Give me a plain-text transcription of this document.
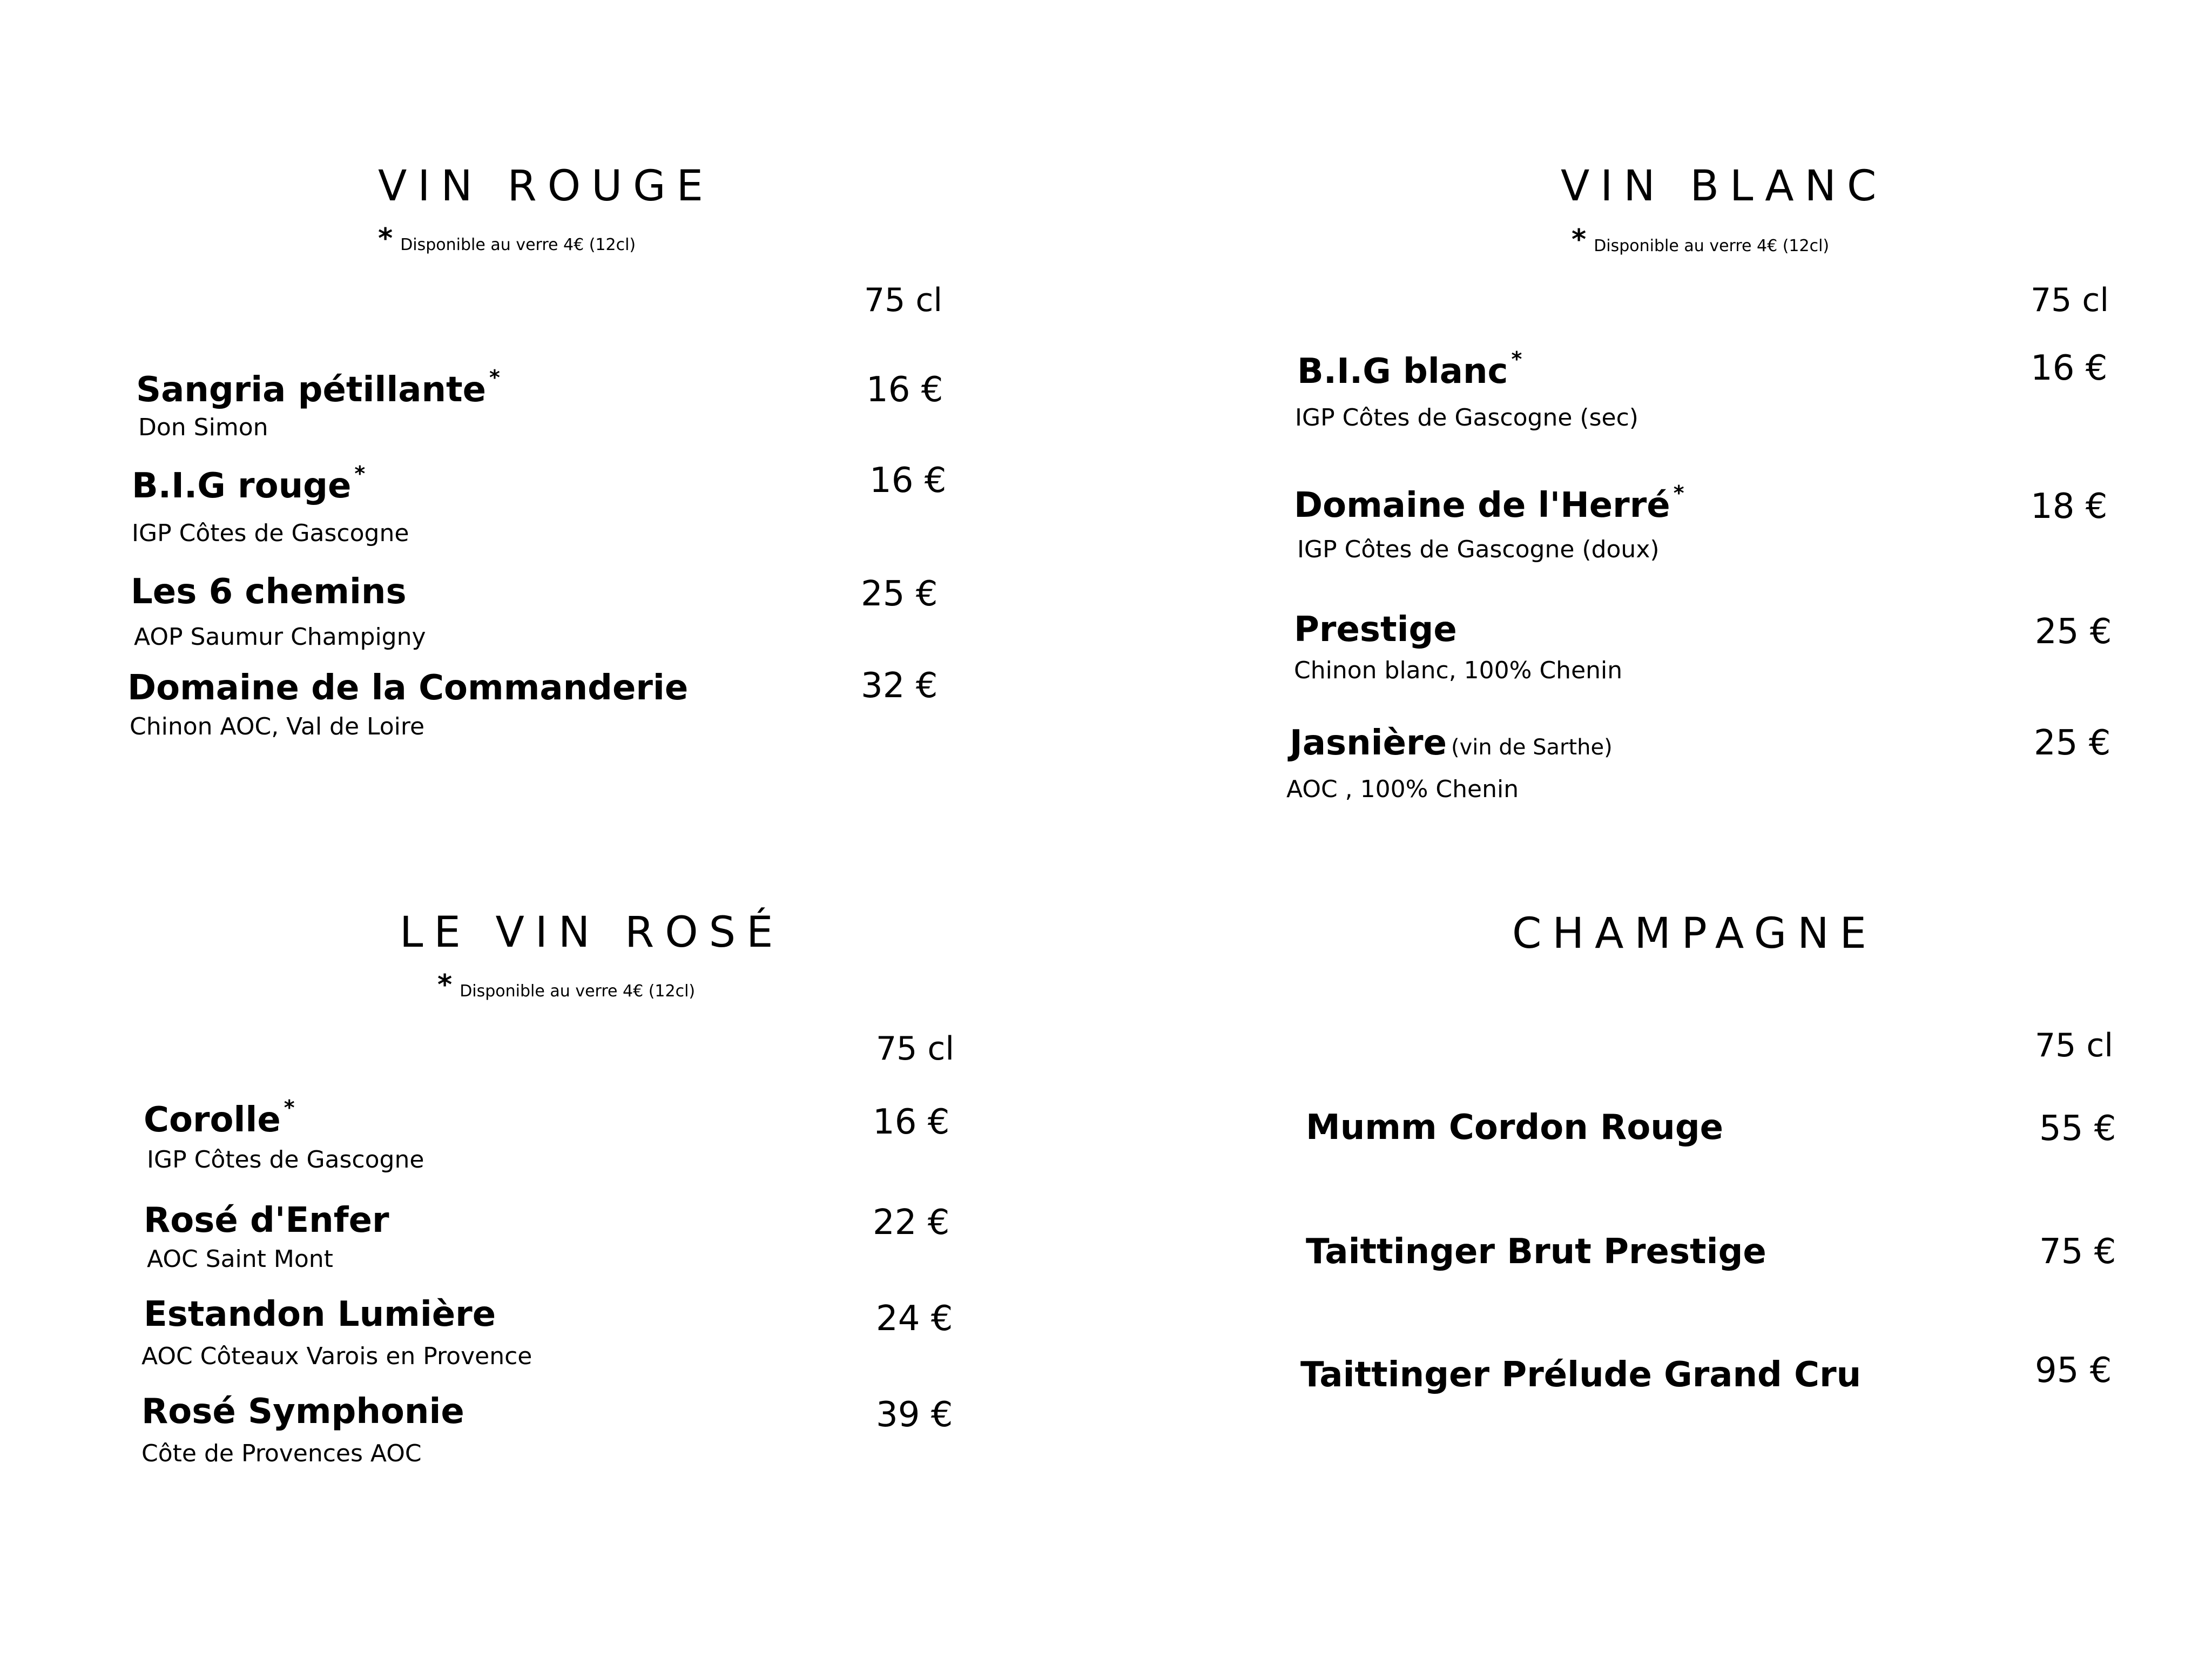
VIN ROUGE
* Disponible au verre 4€ (12cl)
75 cl
Sangria pétillante *
Don Simon
16 €
B.I.G rouge *
IGP Côtes de Gascogne
16 €
Les 6 chemins
AOP Saumur Champigny
25 €
Domaine de la Commanderie
Chinon AOC, Val de Loire
32 €
VIN BLANC
* Disponible au verre 4€ (12cl)
75 cl
B.I.G blanc *
IGP Côtes de Gascogne (sec)
16 €
Domaine de l'Herré *
IGP Côtes de Gascogne (doux)
18 €
Prestige
Chinon blanc, 100% Chenin
25 €
Jasnière (vin de Sarthe)
AOC , 100% Chenin
25 €
LE VIN ROSÉ
* Disponible au verre 4€ (12cl)
75 cl
Corolle *
IGP Côtes de Gascogne
16 €
Rosé d'Enfer
AOC Saint Mont
22 €
Estandon Lumière
AOC Côteaux Varois en Provence
24 €
Rosé Symphonie
Côte de Provences AOC
39 €
CHAMPAGNE
75 cl
Mumm Cordon Rouge	55 €
Taittinger Brut Prestige	75 €
Taittinger Prélude Grand Cru	95 €
